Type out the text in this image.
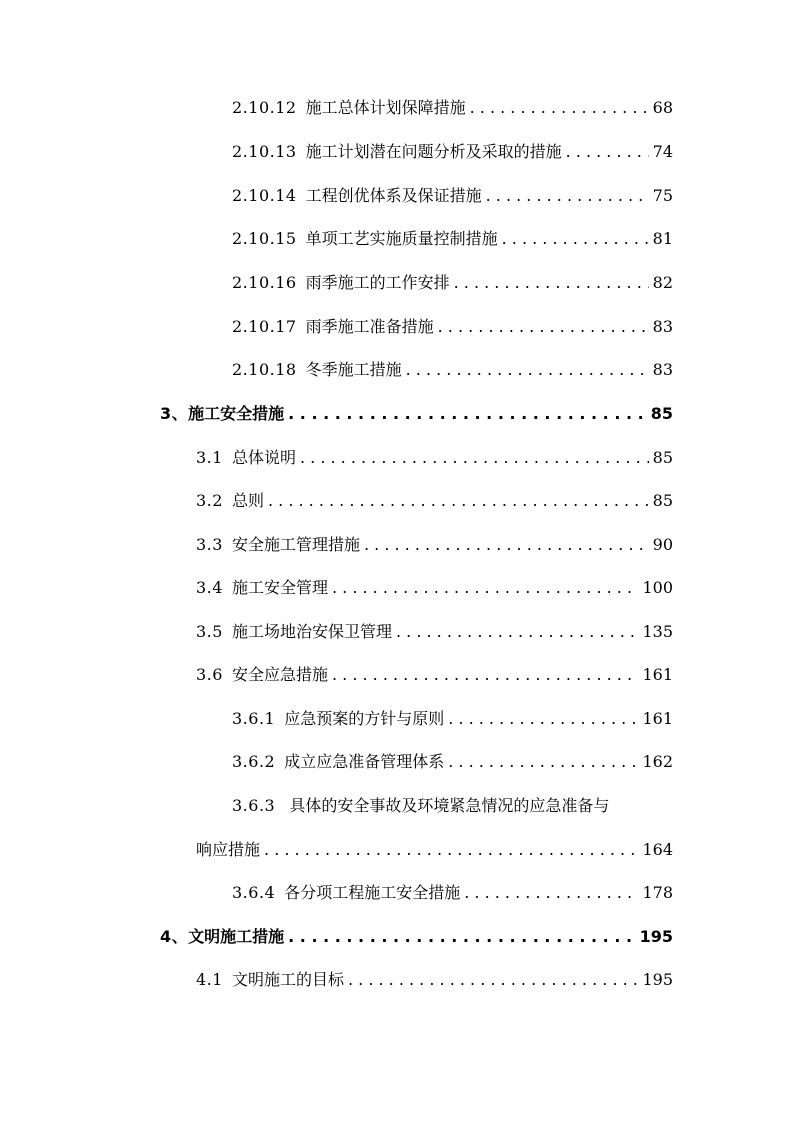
2.10.12 施工总体计划保障措施 . . .	68
2.10.13 施工计划潜在问题分析及采取的措施 . . .	74
2.10.14 工程创优体系及保证措施 . . .	75
2.10.15 单项工艺实施质量控制措施 . . .	81
2.10.16 雨季施工的工作安排 . . .	82
2.10.17 雨季施工准备措施 . . .	83
2.10.18 冬季施工措施 . . .	83
3、 施工安全措施 . . .	85
3.1 总体说明 . . .	85
3.2 总则 . . .	85
3.3 安全施工管理措施 . . .	90
3.4 施工安全管理 . . .	100
3.5 施工场地治安保卫管理 . . .	135
3.6 安全应急措施 . . .	161
3.6.1 应急预案的方针与原则 . . .	161
3.6.2 成立应急准备管理体系 . . .	162
3.6.3 具体的安全事故及环境紧急情况的应急准备与
响应措施 . . .	164
3.6.4 各分项工程施工安全措施 . . .	178
4、 文明施工措施 . . .	195
4.1 文明施工的目标 . . .	195
